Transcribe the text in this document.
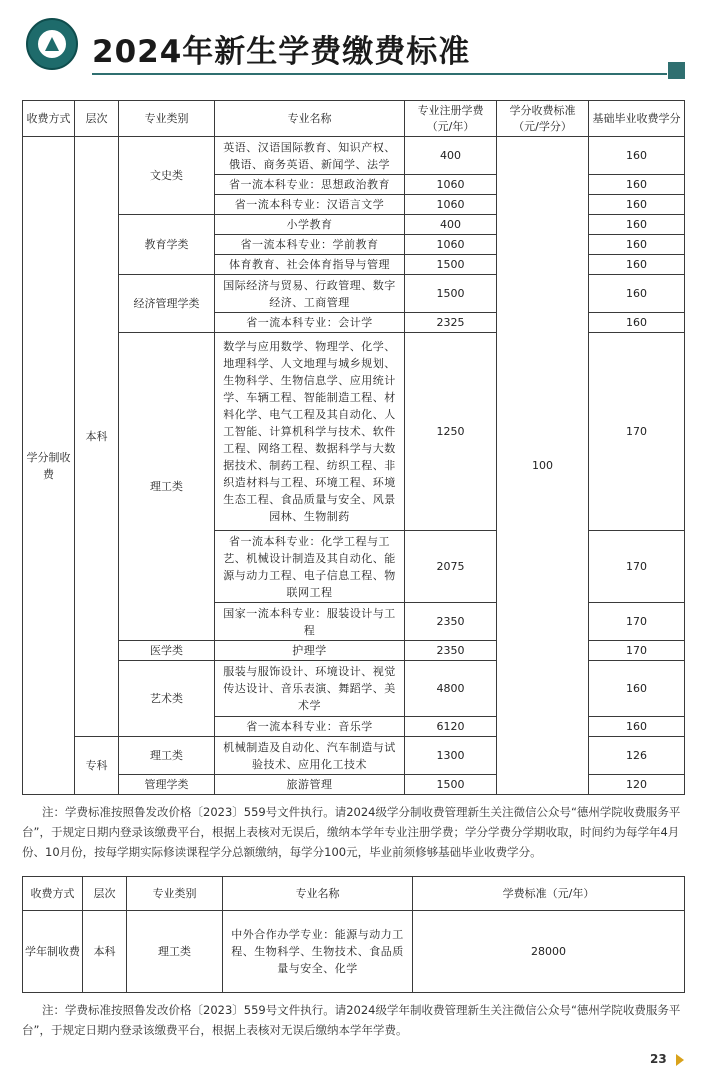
2024年新生学费缴费标准
收费方式	层次	专业类别	专业名称	专业注册学费（元/年）	学分收费标准（元/学分）	基础毕业收费学分
学分制收费	本科	文史类	英语、汉语国际教育、知识产权、俄语、商务英语、新闻学、法学	400	100	160
			省一流本科专业：思想政治教育	1060		160
			省一流本科专业：汉语言文学	1060		160
		教育学类	小学教育	400		160
			省一流本科专业：学前教育	1060		160
			体育教育、社会体育指导与管理	1500		160
		经济管理学类	国际经济与贸易、行政管理、数字经济、工商管理	1500		160
			省一流本科专业：会计学	2325		160
		理工类	数学与应用数学、物理学、化学、地理科学、人文地理与城乡规划、生物科学、生物信息学、应用统计学、车辆工程、智能制造工程、材料化学、电气工程及其自动化、人工智能、计算机科学与技术、软件工程、网络工程、数据科学与大数据技术、制药工程、纺织工程、非织造材料与工程、环境工程、环境生态工程、食品质量与安全、风景园林、生物制药	1250		170
			省一流本科专业：化学工程与工艺、机械设计制造及其自动化、能源与动力工程、电子信息工程、物联网工程	2075		170
			国家一流本科专业：服装设计与工程	2350		170
		医学类	护理学	2350		170
		艺术类	服装与服饰设计、环境设计、视觉传达设计、音乐表演、舞蹈学、美术学	4800		160
			省一流本科专业：音乐学	6120		160
	专科	理工类	机械制造及自动化、汽车制造与试验技术、应用化工技术	1300		126
		管理学类	旅游管理	1500		120
注：学费标准按照鲁发改价格〔2023〕559号文件执行。请2024级学分制收费管理新生关注微信公众号“德州学院收费服务平台”，于规定日期内登录该缴费平台，根据上表核对无误后，缴纳本学年专业注册学费；学分学费分学期收取，时间约为每学年4月份、10月份，按每学期实际修读课程学分总额缴纳，每学分100元，毕业前须修够基础毕业收费学分。
收费方式	层次	专业类别	专业名称	学费标准（元/年）
学年制收费	本科	理工类	中外合作办学专业：能源与动力工程、生物科学、生物技术、食品质量与安全、化学	28000
注：学费标准按照鲁发改价格〔2023〕559号文件执行。请2024级学年制收费管理新生关注微信公众号“德州学院收费服务平台”，于规定日期内登录该缴费平台，根据上表核对无误后缴纳本学年学费。
23
